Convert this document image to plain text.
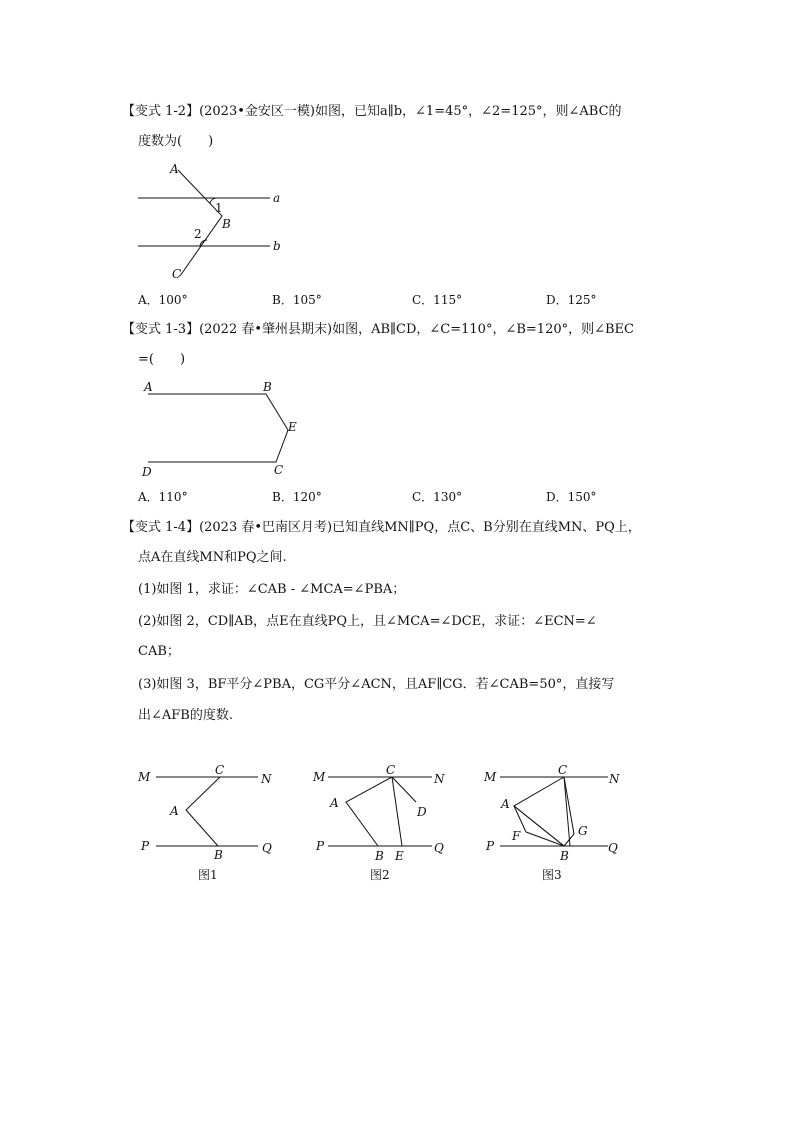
【变式 1-2】(2023•金安区一模)如图，已知a∥b，∠1=45°，∠2=125°，则∠ABC的
度数为(　　)
A
a
1
B
2
b
C
A．100°	B．105°	C．115°	D．125°
【变式 1-3】(2022 春•肇州县期末)如图，AB∥CD，∠C=110°，∠B=120°，则∠BEC
=(　　)
A	B
E
D	C
A．110°	B．120°	C．130°	D．150°
【变式 1-4】(2023 春•巴南区月考)已知直线MN∥PQ，点C、B分别在直线MN、PQ上，
点A在直线MN和PQ之间.
(1)如图 1，求证：∠CAB - ∠MCA=∠PBA；
(2)如图 2，CD∥AB，点E在直线PQ上，且∠MCA=∠DCE，求证：∠ECN=∠
CAB；
(3)如图 3，BF平分∠PBA，CG平分∠ACN，且AF∥CG．若∠CAB=50°，直接写
出∠AFB的度数.
M	C
N
A
P
B	Q
图1
M	C
N
A
D
P
B E
Q
图2
M	C
N
A
G
F
P
B
Q
图3
